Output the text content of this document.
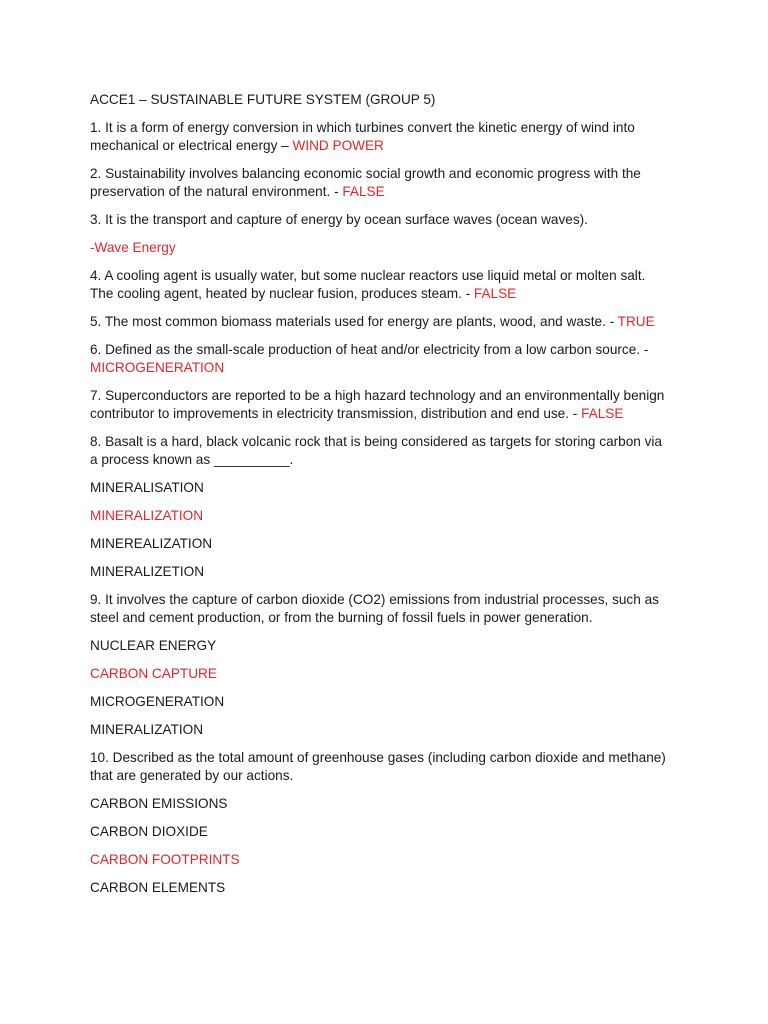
ACCE1 – SUSTAINABLE FUTURE SYSTEM (GROUP 5)

1. It is a form of energy conversion in which turbines convert the kinetic energy of wind into

mechanical or electrical energy – WIND POWER

2. Sustainability involves balancing economic social growth and economic progress with the

preservation of the natural environment. - FALSE

3. It is the transport and capture of energy by ocean surface waves (ocean waves).

-Wave Energy

4. A cooling agent is usually water, but some nuclear reactors use liquid metal or molten salt.

The cooling agent, heated by nuclear fusion, produces steam. - FALSE

5. The most common biomass materials used for energy are plants, wood, and waste. - TRUE

6. Defined as the small-scale production of heat and/or electricity from a low carbon source. -

MICROGENERATION

7. Superconductors are reported to be a high hazard technology and an environmentally benign

contributor to improvements in electricity transmission, distribution and end use. - FALSE

8. Basalt is a hard, black volcanic rock that is being considered as targets for storing carbon via

a process known as __________.

MINERALISATION

MINERALIZATION

MINEREALIZATION

MINERALIZETION

9. It involves the capture of carbon dioxide (CO2) emissions from industrial processes, such as

steel and cement production, or from the burning of fossil fuels in power generation.

NUCLEAR ENERGY

CARBON CAPTURE

MICROGENERATION

MINERALIZATION

10. Described as the total amount of greenhouse gases (including carbon dioxide and methane)

that are generated by our actions.

CARBON EMISSIONS

CARBON DIOXIDE

CARBON FOOTPRINTS

CARBON ELEMENTS
